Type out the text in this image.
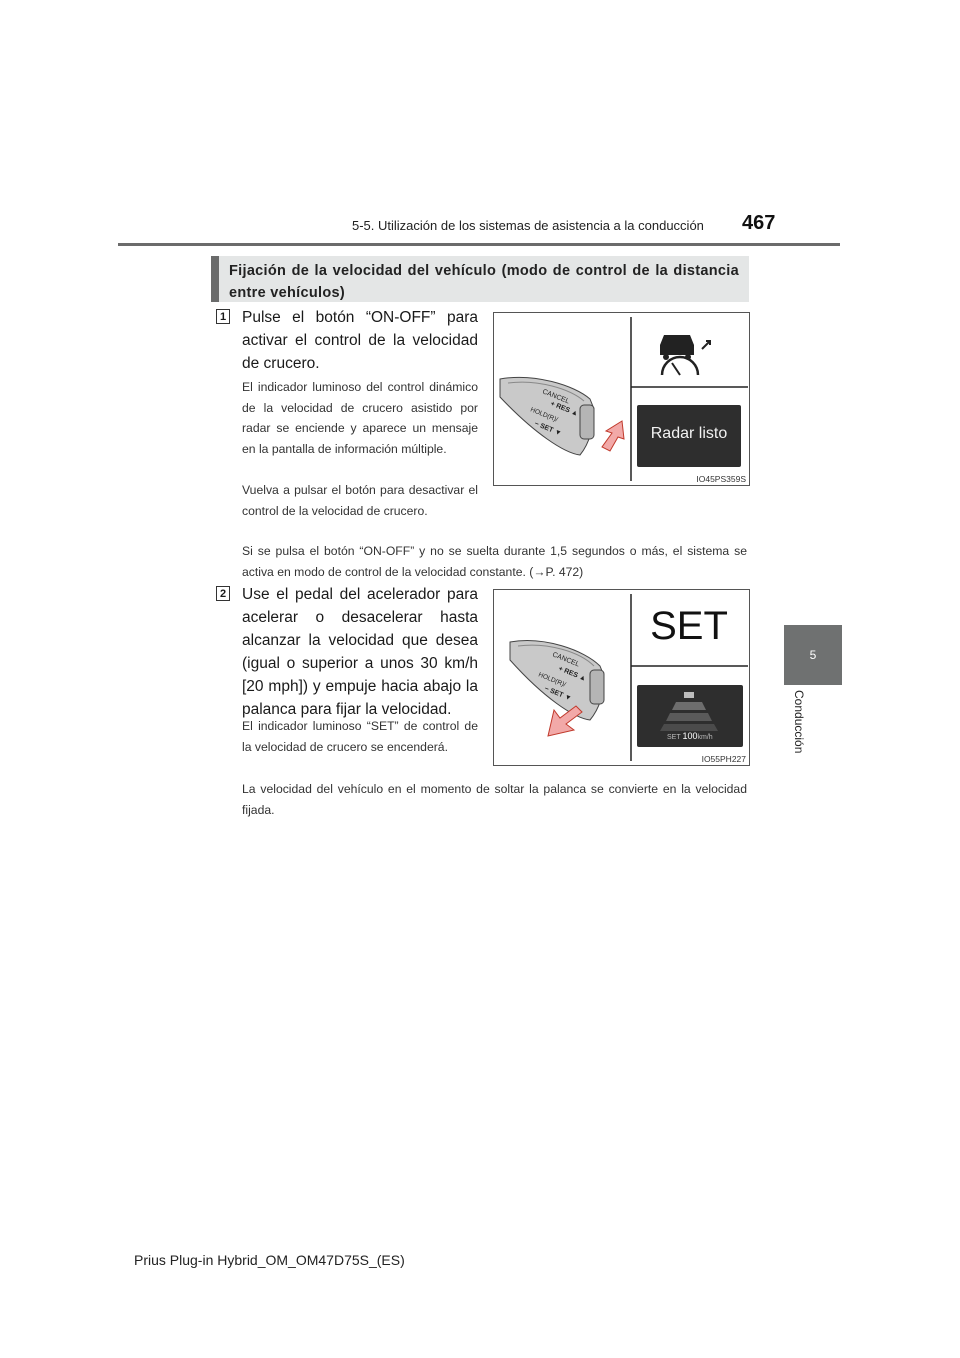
5-5. Utilización de los sistemas de asistencia a la conducción 467
5
Conducción
Fijación de la velocidad del vehículo (modo de control de la distancia entre vehículos)
1 Pulse el botón “ON-OFF” para activar el control de la velocidad de crucero.
El indicador luminoso del control dinámico de la velocidad de crucero asistido por radar se enciende y aparece un mensaje en la pantalla de información múltiple.
Vuelva a pulsar el botón para desactivar el control de la velocidad de crucero.
Si se pulsa el botón “ON-OFF” y no se suelta durante 1,5 segundos o más, el sistema se activa en modo de control de la velocidad constante. (→P. 472)
CANCEL
+ RES ▲
HOLD(R)/
− SET ▼	Radar listo
IO45PS359S
2 Use el pedal del acelerador para acelerar o desacelerar hasta alcanzar la velocidad que desea (igual o superior a unos 30 km/h [20 mph]) y empuje hacia abajo la palanca para fijar la velocidad.
El indicador luminoso “SET” de control de la velocidad de crucero se encenderá.
La velocidad del vehículo en el momento de soltar la palanca se convierte en la velocidad fijada.
CANCEL
+ RES ▲
HOLD(R)/
− SET ▼
SET
SET 100km/h
IO55PH227
Prius Plug-in Hybrid_OM_OM47D75S_(ES)
